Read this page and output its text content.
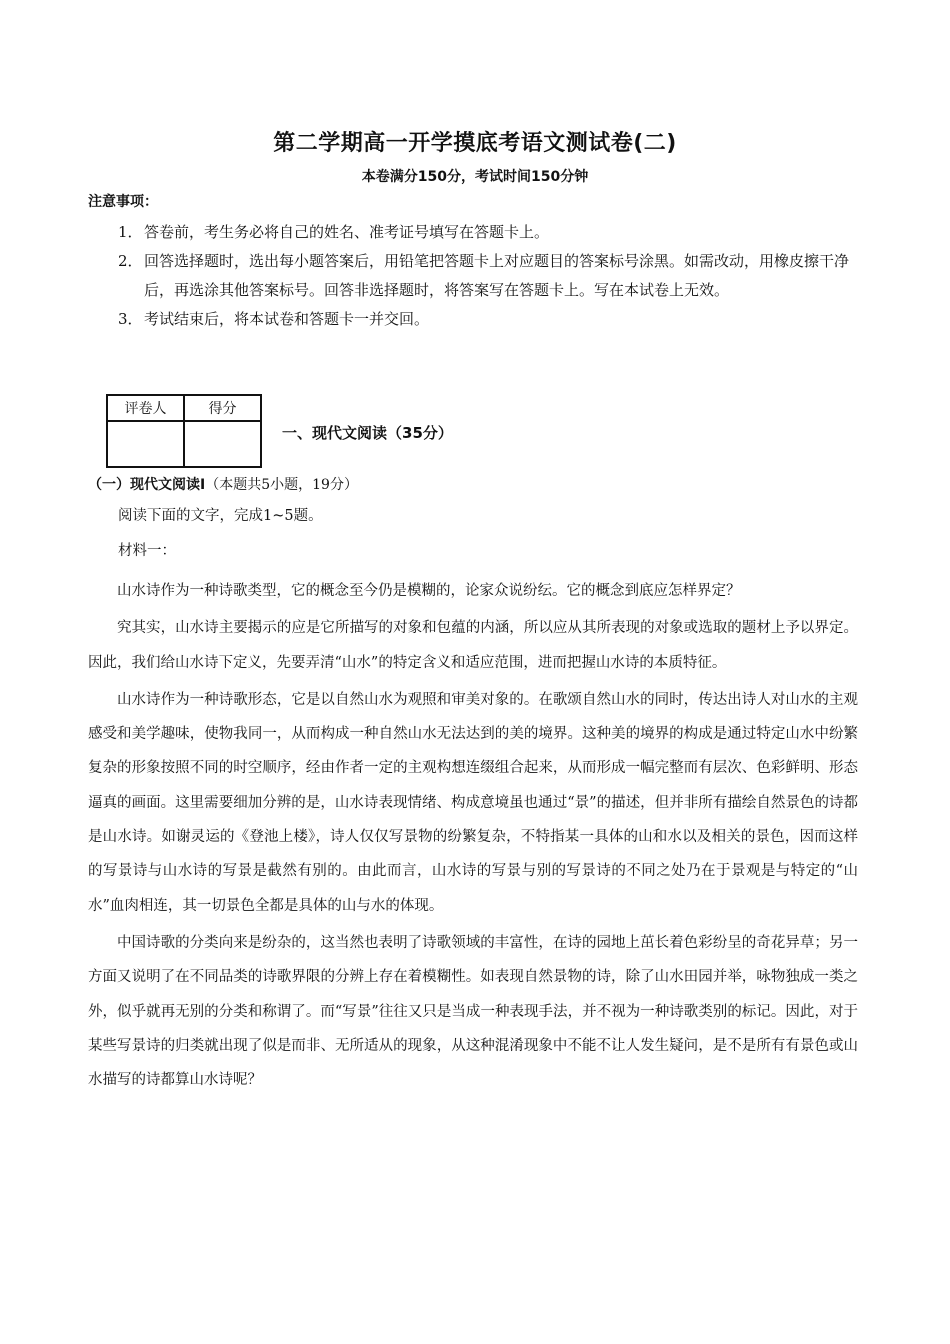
第二学期高一开学摸底考语文测试卷(二)
本卷满分150分，考试时间150分钟
注意事项：
1． 答卷前，考生务必将自己的姓名、准考证号填写在答题卡上。
2． 回答选择题时，选出每小题答案后，用铅笔把答题卡上对应题目的答案标号涂黑。如需改动，用橡皮擦干净后，再选涂其他答案标号。回答非选择题时，将答案写在答题卡上。写在本试卷上无效。
3． 考试结束后，将本试卷和答题卡一并交回。
评卷人	得分

一、现代文阅读（35分）
（一）现代文阅读I（本题共5小题，19分）
阅读下面的文字，完成1~5题。
材料一：

山水诗作为一种诗歌类型，它的概念至今仍是模糊的，论家众说纷纭。它的概念到底应怎样界定？

究其实，山水诗主要揭示的应是它所描写的对象和包蕴的内涵，所以应从其所表现的对象或选取的题材上予以界定。因此，我们给山水诗下定义，先要弄清“山水”的特定含义和适应范围，进而把握山水诗的本质特征。

山水诗作为一种诗歌形态，它是以自然山水为观照和审美对象的。在歌颂自然山水的同时，传达出诗人对山水的主观感受和美学趣味，使物我同一，从而构成一种自然山水无法达到的美的境界。这种美的境界的构成是通过特定山水中纷繁复杂的形象按照不同的时空顺序，经由作者一定的主观构想连缀组合起来，从而形成一幅完整而有层次、色彩鲜明、形态逼真的画面。这里需要细加分辨的是，山水诗表现情绪、构成意境虽也通过“景”的描述，但并非所有描绘自然景色的诗都是山水诗。如谢灵运的《登池上楼》，诗人仅仅写景物的纷繁复杂，不特指某一具体的山和水以及相关的景色，因而这样的写景诗与山水诗的写景是截然有别的。由此而言，山水诗的写景与别的写景诗的不同之处乃在于景观是与特定的“山水”血肉相连，其一切景色全都是具体的山与水的体现。

中国诗歌的分类向来是纷杂的，这当然也表明了诗歌领域的丰富性，在诗的园地上茁长着色彩纷呈的奇花异草；另一方面又说明了在不同品类的诗歌界限的分辨上存在着模糊性。如表现自然景物的诗，除了山水田园并举，咏物独成一类之外，似乎就再无别的分类和称谓了。而“写景”往往又只是当成一种表现手法，并不视为一种诗歌类别的标记。因此，对于某些写景诗的归类就出现了似是而非、无所适从的现象，从这种混淆现象中不能不让人发生疑问，是不是所有有景色或山水描写的诗都算山水诗呢？
